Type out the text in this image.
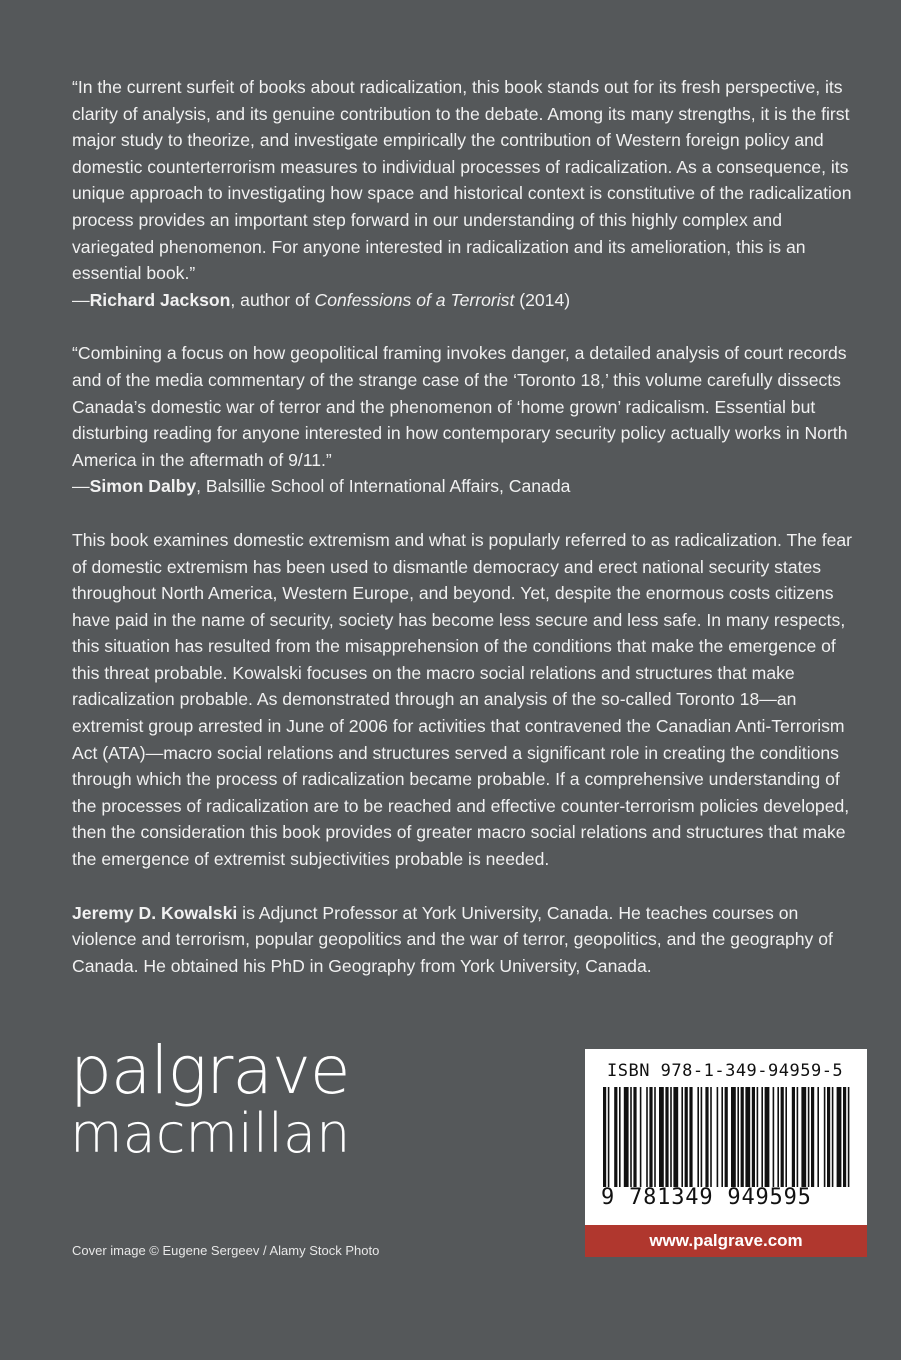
“In the current surfeit of books about radicalization, this book stands out for its fresh perspective, its clarity of analysis, and its genuine contribution to the debate. Among its many strengths, it is the first major study to theorize, and investigate empirically the contribution of Western foreign policy and domestic counterterrorism measures to individual processes of radicalization. As a consequence, its unique approach to investigating how space and historical context is constitutive of the radicalization process provides an important step forward in our understanding of this highly complex and variegated phenomenon. For anyone interested in radicalization and its amelioration, this is an essential book.”
—Richard Jackson, author of Confessions of a Terrorist (2014)

“Combining a focus on how geopolitical framing invokes danger, a detailed analysis of court records and of the media commentary of the strange case of the ‘Toronto 18,’ this volume carefully dissects Canada’s domestic war of terror and the phenomenon of ‘home grown’ radicalism. Essential but disturbing reading for anyone interested in how contemporary security policy actually works in North America in the aftermath of 9/11.”
—Simon Dalby, Balsillie School of International Affairs, Canada

This book examines domestic extremism and what is popularly referred to as radicalization. The fear of domestic extremism has been used to dismantle democracy and erect national security states throughout North America, Western Europe, and beyond. Yet, despite the enormous costs citizens have paid in the name of security, society has become less secure and less safe. In many respects, this situation has resulted from the misapprehension of the conditions that make the emergence of this threat probable. Kowalski focuses on the macro social relations and structures that make radicalization probable. As demonstrated through an analysis of the so-called Toronto 18—an extremist group arrested in June of 2006 for activities that contravened the Canadian Anti-Terrorism Act (ATA)—macro social relations and structures served a significant role in creating the conditions through which the process of radicalization became probable. If a comprehensive understanding of the processes of radicalization are to be reached and effective counter-terrorism policies developed, then the consideration this book provides of greater macro social relations and structures that make the emergence of extremist subjectivities probable is needed.

Jeremy D. Kowalski is Adjunct Professor at York University, Canada. He teaches courses on violence and terrorism, popular geopolitics and the war of terror, geopolitics, and the geography of Canada. He obtained his PhD in Geography from York University, Canada.

palgrave
macmillan
Cover image © Eugene Sergeev / Alamy Stock Photo
ISBN 978-1-349-94959-5
9 781349 949595
www.palgrave.com
